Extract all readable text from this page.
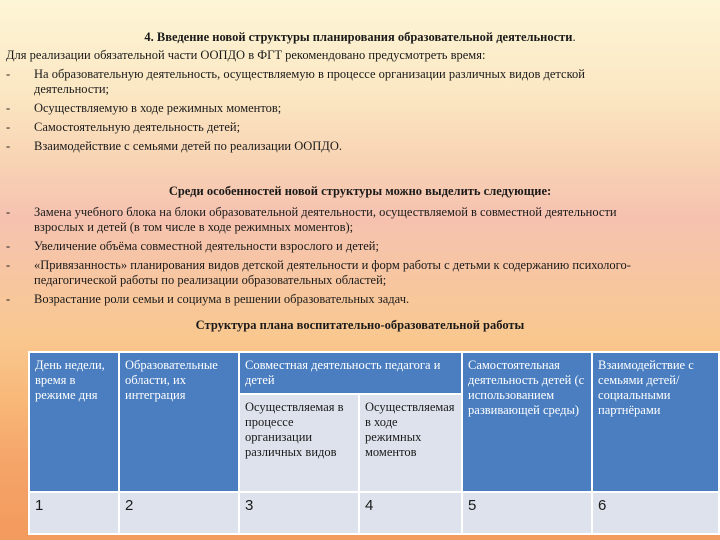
4. Введение новой структуры планирования образовательной деятельности.
Для реализации обязательной части ООПДО в ФГТ рекомендовано предусмотреть время:
- На образовательную деятельность, осуществляемую в процессе организации различных видов детской деятельности;
- Осуществляемую в ходе режимных моментов;
- Самостоятельную деятельность детей;
- Взаимодействие с семьями детей по реализации ООПДО.
Среди особенностей новой структуры можно выделить следующие:
- Замена учебного блока на блоки образовательной деятельности, осуществляемой в совместной деятельности взрослых и детей (в том числе в ходе режимных моментов);
- Увеличение объёма совместной деятельности взрослого и детей;
- «Привязанность» планирования видов детской деятельности и форм работы с детьми к содержанию психолого-педагогической работы по реализации образовательных областей;
- Возрастание роли семьи и социума в решении образовательных задач.
Структура плана воспитательно-образовательной работы
День недели, время в режиме дня	Образовательные области, их интеграция	Совместная деятельность педагога и детей		Самостоятельная деятельность детей (с использованием развивающей среды)	Взаимодействие с семьями детей/социальными партнёрами
		Осуществляемая в процессе организации различных видов	Осуществляемая в ходе режимных моментов		
1	2	3	4	5	6
